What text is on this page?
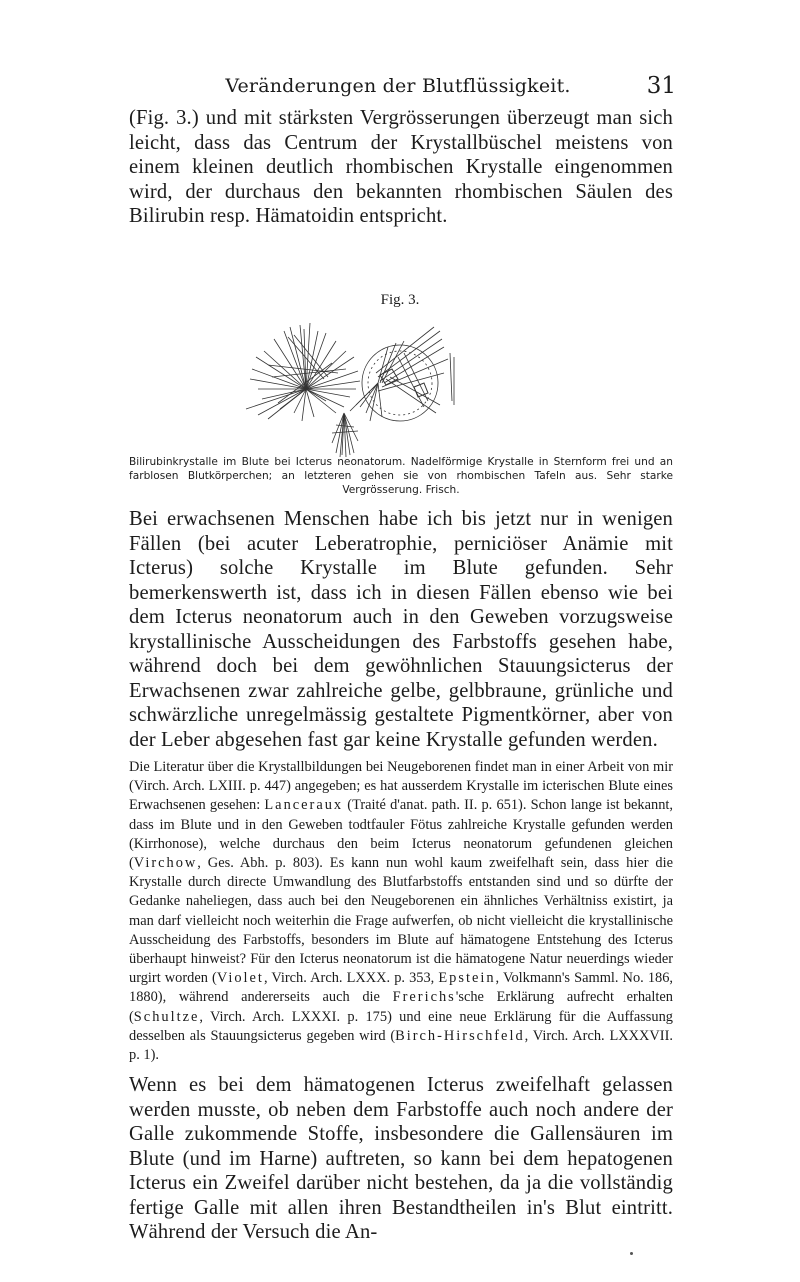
Veränderungen der Blutflüssigkeit.	31

(Fig. 3.) und mit stärksten Vergrösserungen überzeugt man sich leicht, dass das Centrum der Krystallbüschel meistens von einem kleinen deutlich rhombischen Krystalle eingenommen wird, der durchaus den bekannten rhombischen Säulen des Bilirubin resp. Hämatoidin entspricht.

Fig. 3.
Bilirubinkrystalle im Blute bei Icterus neonatorum. Nadelförmige Krystalle in Sternform frei und an farblosen Blutkörperchen; an letzteren gehen sie von rhombischen Tafeln aus. Sehr starke Vergrösserung. Frisch.

Bei erwachsenen Menschen habe ich bis jetzt nur in wenigen Fällen (bei acuter Leberatrophie, perniciöser Anämie mit Icterus) solche Krystalle im Blute gefunden. Sehr bemerkenswerth ist, dass ich in diesen Fällen ebenso wie bei dem Icterus neonatorum auch in den Geweben vorzugsweise krystallinische Ausscheidungen des Farbstoffs gesehen habe, während doch bei dem gewöhnlichen Stauungsicterus der Erwachsenen zwar zahlreiche gelbe, gelbbraune, grünliche und schwärzliche unregelmässig gestaltete Pigmentkörner, aber von der Leber abgesehen fast gar keine Krystalle gefunden werden.

Die Literatur über die Krystallbildungen bei Neugeborenen findet man in einer Arbeit von mir (Virch. Arch. LXIII. p. 447) angegeben; es hat ausserdem Krystalle im icterischen Blute eines Erwachsenen gesehen: Lanceraux (Traité d'anat. path. II. p. 651). Schon lange ist bekannt, dass im Blute und in den Geweben todtfauler Fötus zahlreiche Krystalle gefunden werden (Kirrhonose), welche durchaus den beim Icterus neonatorum gefundenen gleichen (Virchow, Ges. Abh. p. 803). Es kann nun wohl kaum zweifelhaft sein, dass hier die Krystalle durch directe Umwandlung des Blutfarbstoffs entstanden sind und so dürfte der Gedanke naheliegen, dass auch bei den Neugeborenen ein ähnliches Verhältniss existirt, ja man darf vielleicht noch weiterhin die Frage aufwerfen, ob nicht vielleicht die krystallinische Ausscheidung des Farbstoffs, besonders im Blute auf hämatogene Entstehung des Icterus überhaupt hinweist? Für den Icterus neonatorum ist die hämatogene Natur neuerdings wieder urgirt worden (Violet, Virch. Arch. LXXX. p. 353, Epstein, Volkmann's Samml. No. 186, 1880), während andererseits auch die Frerichs'sche Erklärung aufrecht erhalten (Schultze, Virch. Arch. LXXXI. p. 175) und eine neue Erklärung für die Auffassung desselben als Stauungsicterus gegeben wird (Birch-Hirschfeld, Virch. Arch. LXXXVII. p. 1).

Wenn es bei dem hämatogenen Icterus zweifelhaft gelassen werden musste, ob neben dem Farbstoffe auch noch andere der Galle zukommende Stoffe, insbesondere die Gallensäuren im Blute (und im Harne) auftreten, so kann bei dem hepatogenen Icterus ein Zweifel darüber nicht bestehen, da ja die vollständig fertige Galle mit allen ihren Bestandtheilen in's Blut eintritt. Während der Versuch die An-
